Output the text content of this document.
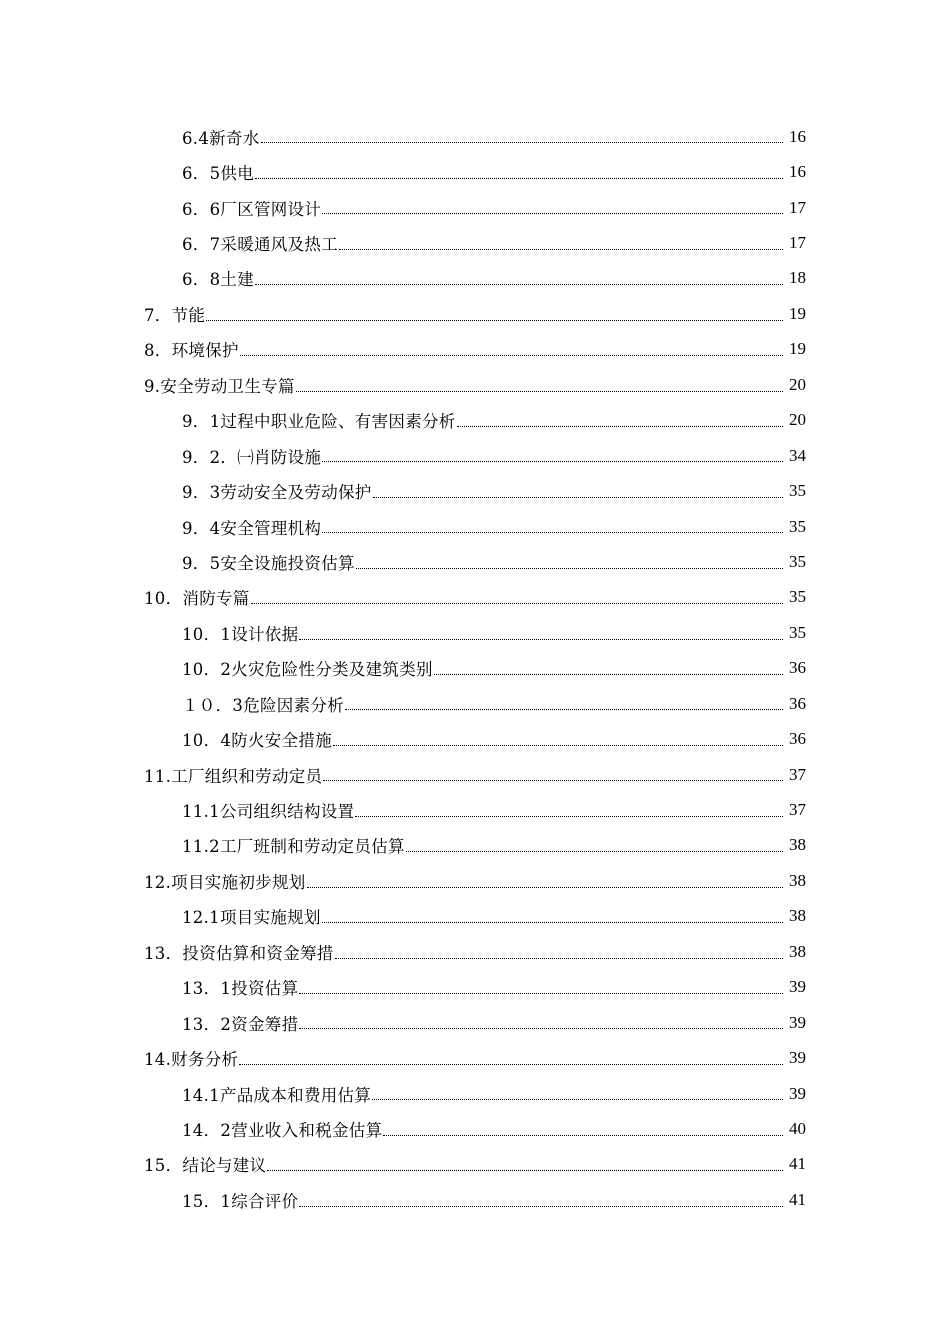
6.4新奇水	16
6．5供电	16
6．6厂区管网设计	17
6．7采暖通风及热工	17
6．8土建	18
7．节能	19
8．环境保护	19
9.安全劳动卫生专篇	20
9．1过程中职业危险、有害因素分析	20
9．2．㈠肖防设施	34
9．3劳动安全及劳动保护	35
9．4安全管理机构	35
9．5安全设施投资估算	35
10．消防专篇	35
10．1设计依据	35
10．2火灾危险性分类及建筑类别	36
１０．3危险因素分析	36
10．4防火安全措施	36
11.工厂组织和劳动定员	37
11.1公司组织结构设置	37
11.2工厂班制和劳动定员估算	38
12.项目实施初步规划	38
12.1项目实施规划	38
13．投资估算和资金筹措	38
13．1投资估算	39
13．2资金筹措	39
14.财务分析	39
14.1产品成本和费用估算	39
14．2营业收入和税金估算	40
15．结论与建议	41
15．1综合评价	41
